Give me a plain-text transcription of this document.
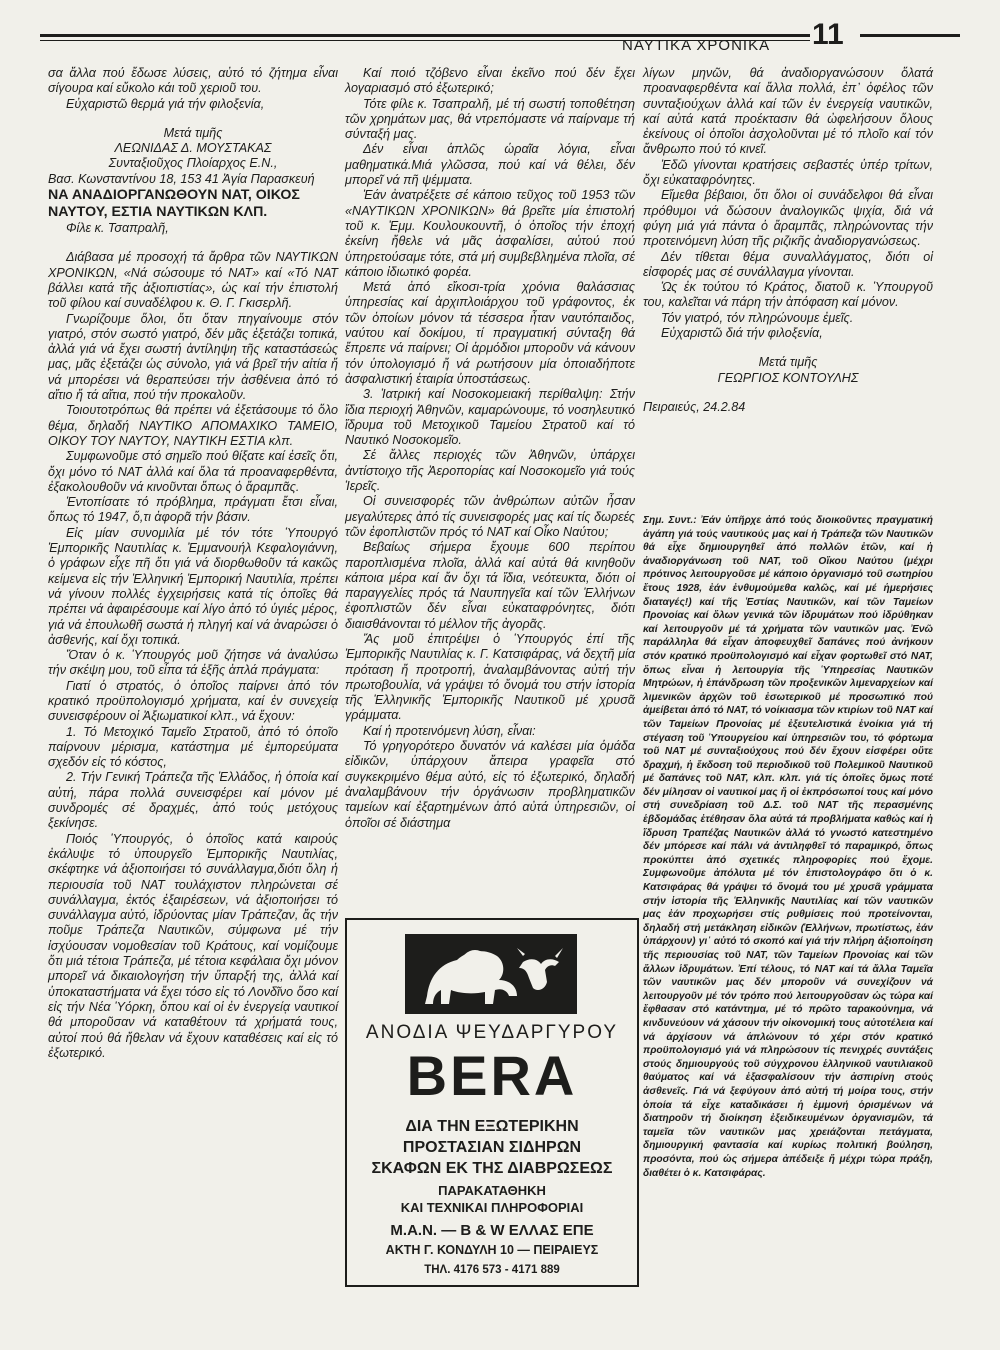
ΝΑΥΤΙΚΑ ΧΡΟΝΙΚΑ 11

σα ἄλλα πού ἔδωσε λύσεις, αὐτό τό ζήτημα εἶναι σίγουρα καί εὔκολο κάι τοῦ χεριοῦ του.

Εὐχαριστῶ θερμά γιά τήν φιλοξενία,

Μετά τιμῆς

ΛΕΩΝΙΔΑΣ Δ. ΜΟΥΣΤΑΚΑΣ

Συνταξιοῦχος Πλοίαρχος Ε.Ν.,

Βασ. Κωνσταντίνου 18, 153 41 Ἁγία Παρασκευή

ΝΑ ΑΝΑΔΙΟΡΓΑΝΩΘΟΥΝ ΝΑΤ, ΟΙΚΟΣ ΝΑΥΤΟΥ, ΕΣΤΙΑ ΝΑΥΤΙΚΩΝ ΚΛΠ.

Φίλε κ. Τσαπραλῆ,

Διάβασα μέ προσοχή τά ἄρθρα τῶν ΝΑΥΤΙΚΩΝ ΧΡΟΝΙΚΩΝ, «Νά σώσουμε τό ΝΑΤ» καί «Τό ΝΑΤ βάλλει κατά τῆς ἀξιοπιστίας», ὡς καί τήν ἐπιστολή τοῦ φίλου καί συναδέλφου κ. Θ. Γ. Γκισερλῆ.

Γνωρίζουμε ὅλοι, ὅτι ὅταν πηγαίνουμε στόν γιατρό, στόν σωστό γιατρό, δέν μᾶς ἐξετάζει τοπικά, ἀλλά γιά νά ἔχει σωστή ἀντίληψη τῆς καταστάσεώς μας, μᾶς ἐξετάζει ὡς σύνολο, γιά νά βρεῖ τήν αἰτία ἤ νά μπορέσει νά θεραπεύσει τήν ἀσθένεια ἀπό τό αἴτιο ἤ τά αἴτια, πού τήν προκαλοῦν.

Τοιουτοτρόπως θά πρέπει νά ἐξετάσουμε τό ὅλο θέμα, δηλαδή ΝΑΥΤΙΚΟ ΑΠΟΜΑΧΙΚΟ ΤΑΜΕΙΟ, ΟΙΚΟΥ ΤΟΥ ΝΑΥΤΟΥ, ΝΑΥΤΙΚΗ ΕΣΤΙΑ κλπ.

Συμφωνοῦμε στό σημεῖο πού θίξατε καί ἐσεῖς ὅτι, ὄχι μόνο τό ΝΑΤ ἀλλά καί ὅλα τά προαναφερθέντα, ἐξακολουθοῦν νά κινοῦνται ὅπως ὁ ἄραμπᾶς.

Ἐντοπίσατε τό πρόβλημα, πράγματι ἔτσι εἶναι, ὅπως τό 1947, ὅ,τι ἀφορᾶ τήν βάσιν.

Εἰς μίαν συνομιλία μέ τόν τότε Ὑπουργό Ἐμπορικῆς Ναυτιλίας κ. Ἐμμανουήλ Κεφαλογιάννη, ὁ γράφων εἶχε πῆ ὅτι γιά νά διορθωθοῦν τά κακῶς κείμενα εἰς τήν Ἑλληνική Ἐμπορική Ναυτιλία, πρέπει νά γίνουν πολλές ἐγχειρήσεις κατά τίς ὁποῖες θά πρέπει νά ἀφαιρέσουμε καί λίγο ἀπό τό ὑγιές μέρος, γιά νά ἐπουλωθῆ σωστά ἡ πληγή καί νά ἀναρώσει ὁ ἀσθενής, καί ὄχι τοπικά.

Ὅταν ὁ κ. Ὑπουργός μοῦ ζήτησε νά ἀναλύσω τήν σκέψη μου, τοῦ εἶπα τά ἑξῆς ἁπλά πράγματα:

Γιατί ὁ στρατός, ὁ ὁποῖος παίρνει ἀπό τόν κρατικό προϋπολογισμό χρήματα, καί ἐν συνεχείᾳ συνεισφέρουν οἱ Ἀξιωματικοί κλπ., νά ἔχουν:

1. Τό Μετοχικό Ταμεῖο Στρατοῦ, ἀπό τό ὁποῖο παίρνουν μέρισμα, κατάστημα μέ ἐμπορεύματα σχεδόν εἰς τό κόστος,

2. Τήν Γενική Τράπεζα τῆς Ἑλλάδος, ἡ ὁποία καί αὐτή, πάρα πολλά συνεισφέρει καί μόνον μέ συνδρομές σέ δραχμές, ἀπό τούς μετόχους ξεκίνησε.

Ποιός Ὑπουργός, ὁ ὁποῖος κατά καιρούς ἐκάλυψε τό ὑπουργεῖο Ἐμπορικῆς Ναυτιλίας, σκέφτηκε νά ἀξιοποιήσει τό συνάλλαγμα,διότι ὅλη ἡ περιουσία τοῦ ΝΑΤ τουλάχιστον πληρώνεται σέ συνάλλαγμα, ἐκτός ἐξαιρέσεων, νά ἀξιοποιήσει τό συνάλλαγμα αὐτό, ἱδρύοντας μίαν Τράπεζαν, ἄς τήν ποῦμε Τράπεζα Ναυτικῶν, σύμφωνα μέ τήν ἰσχύουσαν νομοθεσίαν τοῦ Κράτους, καί νομίζουμε ὅτι μιά τέτοια Τράπεζα, μέ τέτοια κεφάλαια ὄχι μόνον μπορεῖ νά δικαιολογήση τήν ὕπαρξή της, ἀλλά καί ὑποκαταστήματα νά ἔχει τόσο εἰς τό Λονδῖνο ὅσο καί εἰς τήν Νέα Ὑόρκη, ὅπου καί οἱ ἐν ἐνεργείᾳ ναυτικοί θά μποροῦσαν νά καταθέτουν τά χρήματά τους, αὐτοί πού θά ἤθελαν νά ἔχουν καταθέσεις καί εἰς τό ἐξωτερικό.

Καί ποιό τζόβενο εἶναι ἐκεῖνο πού δέν ἔχει λογαριασμό στό ἐξωτερικό;

Τότε φίλε κ. Τσαπραλῆ, μέ τή σωστή τοποθέτηση τῶν χρημάτων μας, θά ντρεπόμαστε νά παίρναμε τή σύνταξή μας.

Δέν εἶναι ἁπλῶς ὡραῖα λόγια, εἶναι μαθηματικά.Μιά γλῶσσα, πού καί νά θέλει, δέν μπορεῖ νά πῆ ψέμματα.

Ἐάν ἀνατρέξετε σέ κάποιο τεῦχος τοῦ 1953 τῶν «ΝΑΥΤΙΚΩΝ ΧΡΟΝΙΚΩΝ» θά βρεῖτε μία ἐπιστολή τοῦ κ. Ἐμμ. Κουλουκουντῆ, ὁ ὁποῖος τήν ἐποχή ἐκείνη ἤθελε νά μᾶς ἀσφαλίσει, αὐτού πού ὑπηρετούσαμε τότε, στά μή συμβεβλημένα πλοῖα, σέ κάποιο ἰδιωτικό φορέα.

Μετά ἀπό εἴκοσι-τρία χρόνια θαλάσσιας ὑπηρεσίας καί ἀρχιπλοιάρχου τοῦ γράφοντος, ἐκ τῶν ὁποίων μόνον τά τέσσερα ἦταν ναυτόπαιδος, ναύτου καί δοκίμου, τί πραγματική σύνταξη θά ἔπρεπε νά παίρνει; Οἱ ἁρμόδιοι μποροῦν νά κάνουν τόν ὑπολογισμό ἤ νά ρωτήσουν μία ὁποιαδήποτε ἀσφαλιστική ἑταιρία ὑποστάσεως.

3. Ἰατρική καί Νοσοκομειακή περίθαλψη: Στήν ἴδια περιοχή Ἀθηνῶν, καμαρώνουμε, τό νοσηλευτικό ἵδρυμα τοῦ Μετοχικοῦ Ταμείου Στρατοῦ καί τό Ναυτικό Νοσοκομεῖο.

Σέ ἄλλες περιοχές τῶν Ἀθηνῶν, ὑπάρχει ἀντίστοιχο τῆς Ἀεροπορίας καί Νοσοκομεῖο γιά τούς Ἱερεῖς.

Οἱ συνεισφορές τῶν ἀνθρώπων αὐτῶν ἦσαν μεγαλύτερες ἀπό τίς συνεισφορές μας καί τίς δωρεές τῶν ἐφοπλιστῶν πρός τό ΝΑΤ καί Οἶκο Ναύτου;

Βεβαίως σήμερα ἔχουμε 600 περίπου παροπλισμένα πλοῖα, ἀλλά καί αὐτά θά κινηθοῦν κάποια μέρα καί ἄν ὄχι τά ἴδια, νεότευκτα, διότι οἱ παραγγελίες πρός τά Ναυπηγεῖα καί τῶν Ἑλλήνων ἐφοπλιστῶν δέν εἶναι εὐκαταφρόνητες, διότι διαισθάνονται τό μέλλον τῆς ἀγορᾶς.

Ἄς μοῦ ἐπιτρέψει ὁ Ὑπουργός ἐπί τῆς Ἐμπορικῆς Ναυτιλίας κ. Γ. Κατσιφάρας, νά δεχτῆ μία πρόταση ἤ προτροπή, ἀναλαμβάνοντας αὐτή τήν πρωτοβουλία, νά γράψει τό ὄνομά του στήν ἱστορία τῆς Ἑλληνικῆς Ἐμπορικῆς Ναυτικοῦ μέ χρυσᾶ γράμματα.

Καί ἡ προτεινόμενη λύση, εἶναι:

Τό γρηγορότερο δυνατόν νά καλέσει μία ὁμάδα εἰδικῶν, ὑπάρχουν ἄπειρα γραφεῖα στό συγκεκριμένο θέμα αὐτό, εἰς τό ἐξωτερικό, δηλαδή ἀναλαμβάνουν τήν ὀργάνωσιν προβληματικῶν ταμείων καί ἐξαρτημένων ἀπό αὐτά ὑπηρεσιῶν, οἱ ὁποῖοι σέ διάστημα

λίγων μηνῶν, θά ἀναδιοργανώσουν ὅλατά προαναφερθέντα καί ἄλλα πολλά, ἐπ᾽ ὀφέλος τῶν συνταξιούχων ἀλλά καί τῶν ἐν ἐνεργείᾳ ναυτικῶν, καί αὐτά κατά προέκτασιν θά ὠφελήσουν ὅλους ἐκείνους οἱ ὁποῖοι ἀσχολοῦνται μέ τό πλοῖο καί τόν ἄνθρωπο πού τό κινεῖ.

Ἐδῶ γίνονται κρατήσεις σεβαστές ὑπέρ τρίτων, ὄχι εὐκαταφρόνητες.

Εἴμεθα βέβαιοι, ὅτι ὅλοι οἱ συνάδελφοι θά εἶναι πρόθυμοι νά δώσουν ἀναλογικῶς ψιχία, διά νά φύγη μιά γιά πάντα ὁ ἄραμπᾶς, πληρώνοντας τήν προτεινόμενη λύση τῆς ριζικῆς ἀναδιοργανώσεως.

Δέν τίθεται θέμα συναλλάγματος, διότι οἱ εἰσφορές μας σέ συνάλλαγμα γίνονται.

Ὡς ἐκ τούτου τό Κράτος, διατοῦ κ. Ὑπουργοῦ του, καλεῖται νά πάρη τήν ἀπόφαση καί μόνον.

Τόν γιατρό, τόν πληρώνουμε ἐμεῖς.

Εὐχαριστῶ διά τήν φιλοξενία,

Μετά τιμῆς

ΓΕΩΡΓΙΟΣ ΚΟΝΤΟΥΛΗΣ

Πειραιεύς, 24.2.84

Σημ. Συντ.: Ἐάν ὑπῆρχε ἀπό τούς διοικοῦντες πραγματική ἀγάπη γιά τούς ναυτικούς μας καί ἡ Τράπεζα τῶν Ναυτικῶν θά εἶχε δημιουργηθεῖ ἀπό πολλῶν ἐτῶν, καί ἡ ἀναδιοργάνωση τοῦ ΝΑΤ, τοῦ Οἴκου Ναύτου (μέχρι πρότινος λειτουργοῦσε μέ κάποιο ὀργανισμό τοῦ σωτηρίου ἔτους 1928, ἐάν ἐνθυμούμεθα καλῶς, καί μέ ἡμερήσιες διαταγές!) καί τῆς Ἑστίας Ναυτικῶν, καί τῶν Ταμείων Προνοίας καί ὅλων γενικά τῶν ἱδρυμάτων πού ἱδρύθηκαν καί λειτουργοῦν μέ τά χρήματα τῶν ναυτικῶν μας. Ἐνῶ παράλληλα θά εἶχαν ἀποφευχθεῖ δαπάνες πού ἀνήκουν στόν κρατικό προϋπολογισμό καί εἶχαν φορτωθεῖ στό ΝΑΤ, ὅπως εἶναι ἡ λειτουργία τῆς Ὑπηρεσίας Ναυτικῶν Μητρώων, ἡ ἐπάνδρωση τῶν προξενικῶν λιμεναρχείων καί λιμενικῶν ἀρχῶν τοῦ ἐσωτερικοῦ μέ προσωπικό πού ἀμείβεται ἀπό τό ΝΑΤ, τό νοίκιασμα τῶν κτιρίων τοῦ ΝΑΤ καί τῶν Ταμείων Προνοίας μέ ἐξευτελιστικά ἐνοίκια γιά τή στέγαση τοῦ Ὑπουργείου καί ὑπηρεσιῶν του, τό φόρτωμα τοῦ ΝΑΤ μέ συνταξιούχους πού δέν ἔχουν εἰσφέρει οὔτε δραχμή, ἡ ἔκδοση τοῦ περιοδικοῦ τοῦ Πολεμικοῦ Ναυτικοῦ μέ δαπάνες τοῦ ΝΑΤ, κλπ. κλπ. γιά τίς ὁποῖες ὅμως ποτέ δέν μίλησαν οἱ ναυτικοί μας ἤ οἱ ἐκπρόσωποί τους καί μόνο στή συνεδρίαση τοῦ Δ.Σ. τοῦ ΝΑΤ τῆς περασμένης ἑβδομάδας ἐτέθησαν ὅλα αὐτά τά προβλήματα καθώς καί ἡ ἵδρυση Τραπέζας Ναυτικῶν ἀλλά τό γνωστό κατεστημένο δέν μπόρεσε καί πάλι νά ἀντιληφθεῖ τό παραμικρό, ὅπως προκύπτει ἀπό σχετικές πληροφορίες πού ἔχομε. Συμφωνοῦμε ἀπόλυτα μέ τόν ἐπιστολογράφο ὅτι ὁ κ. Κατσιφάρας θά γράψει τό ὄνομά του μέ χρυσᾶ γράμματα στήν ἱστορία τῆς Ἑλληνικῆς Ναυτιλίας καί τῶν ναυτικῶν μας ἐάν προχωρήσει στίς ρυθμίσεις πού προτείνονται, δηλαδή στή μετάκληση εἰδικῶν (Ἑλλήνων, πρωτίστως, ἐάν ὑπάρχουν) γι᾽ αὐτό τό σκοπό καί γιά τήν πλήρη ἀξιοποίηση τῆς περιουσίας τοῦ ΝΑΤ, τῶν Ταμείων Προνοίας καί τῶν ἄλλων ἱδρυμάτων. Ἐπί τέλους, τό ΝΑΤ καί τά ἄλλα Ταμεῖα τῶν ναυτικῶν μας δέν μποροῦν νά συνεχίζουν νά λειτουργοῦν μέ τόν τρόπο πού λειτουργοῦσαν ὡς τώρα καί ἔφθασαν στό κατάντημα, μέ τό πρῶτο ταρακούνημα, νά κινδυνεύουν νά χάσουν τήν οἰκονομική τους αὐτοτέλεια καί νά ἀρχίσουν νά ἁπλώνουν τό χέρι στόν κρατικό προϋπολογισμό γιά νά πληρώσουν τίς πενιχρές συντάξεις στούς δημιουργούς τοῦ σύγχρονου ἑλληνικοῦ ναυτιλιακοῦ θαύματος καί νά ἐξασφαλίσουν τήν ἀσπιρίνη στούς ἀσθενεῖς. Γιά νά ξεφύγουν ἀπό αὐτή τή μοίρα τους, στήν ὁποία τά εἶχε καταδικάσει ἡ ἐμμονή ὁρισμένων νά διατηροῦν τή διοίκηση ἐξειδικευμένων ὀργανισμῶν, τά ταμεῖα τῶν ναυτικῶν μας χρειάζονται πετάγματα, δημιουργική φαντασία καί κυρίως πολιτική βούληση, προσόντα, πού ὡς σήμερα ἀπέδειξε ἤ μέχρι τώρα πράξη, διαθέτει ὁ κ. Κατσιφάρας.
ΑΝΟΔΙΑ ΨΕΥΔΑΡΓΥΡΟΥ
BERA
ΔΙΑ ΤΗΝ ΕΞΩΤΕΡΙΚΗΝ
ΠΡΟΣΤΑΣΙΑΝ ΣΙΔΗΡΩΝ
ΣΚΑΦΩΝ ΕΚ ΤΗΣ ΔΙΑΒΡΩΣΕΩΣ
ΠΑΡΑΚΑΤΑΘΗΚΗ
ΚΑΙ ΤΕΧΝΙΚΑΙ ΠΛΗΡΟΦΟΡΙΑΙ
Μ.Α.Ν. — Β & W ΕΛΛΑΣ ΕΠΕ
ΑΚΤΗ Γ. ΚΟΝΔΥΛΗ 10 — ΠΕΙΡΑΙΕΥΣ
ΤΗΛ. 4176 573 - 4171 889
